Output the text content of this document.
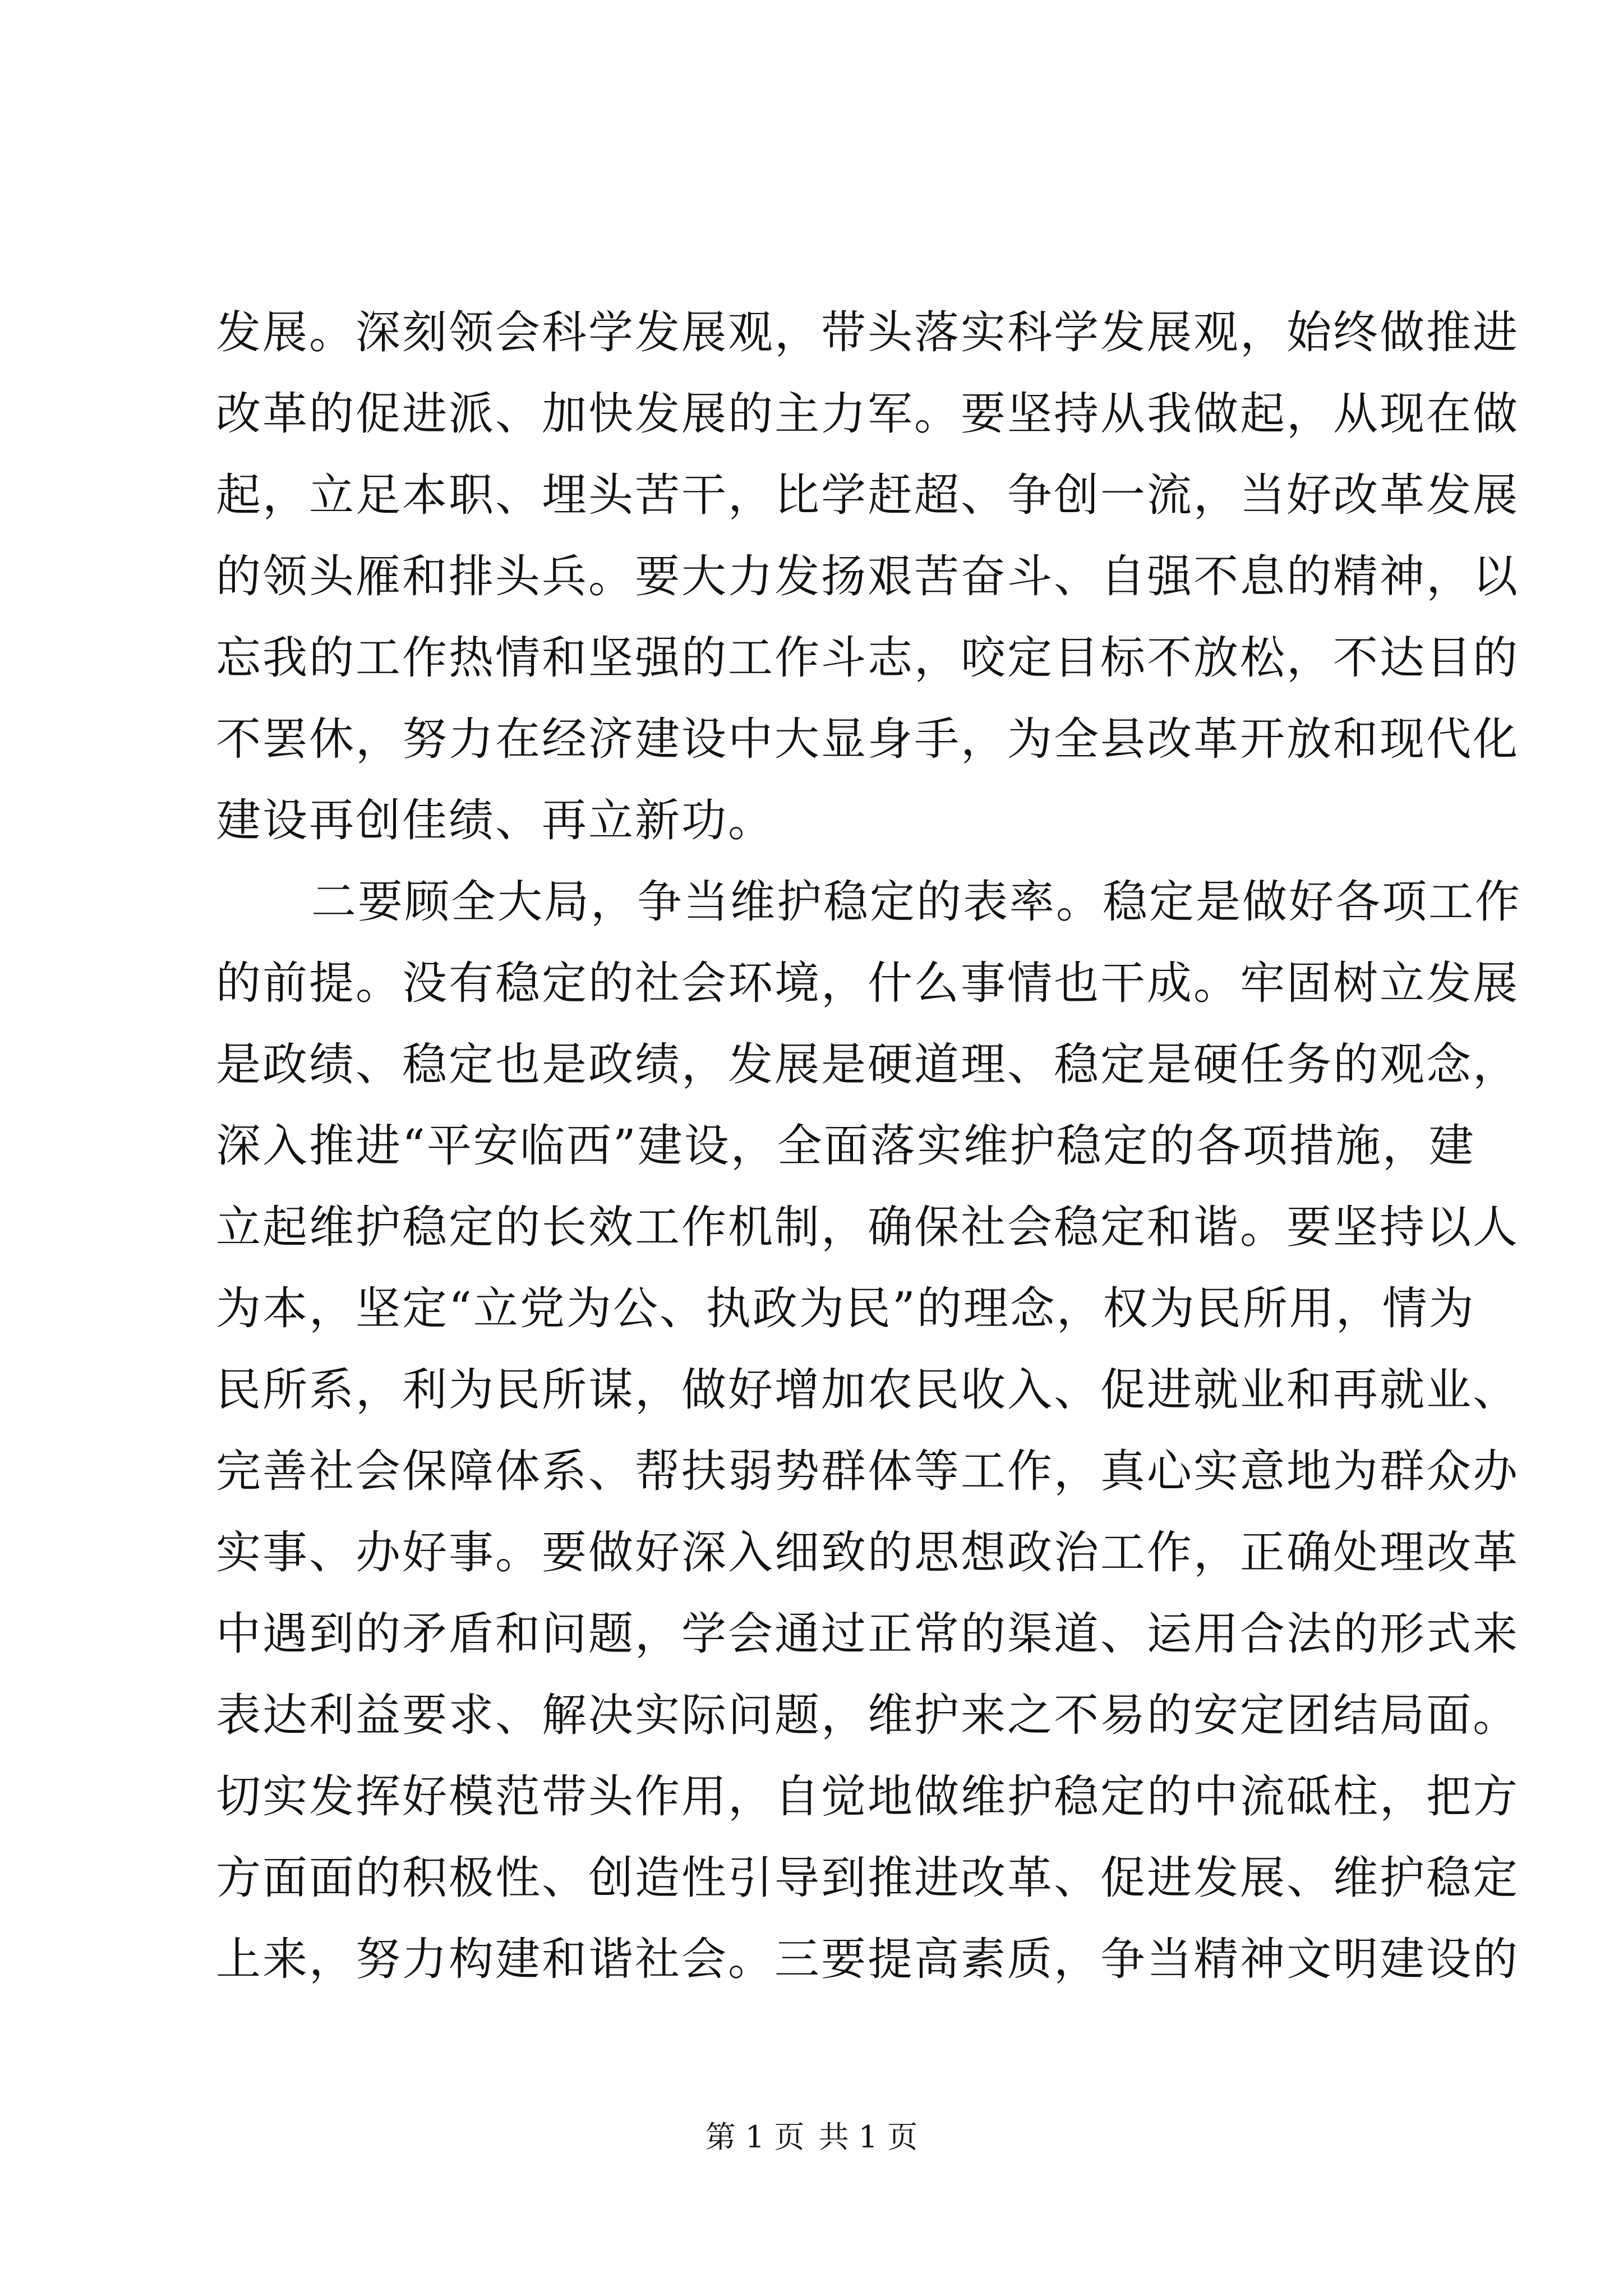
发展。深刻领会科学发展观，带头落实科学发展观，始终做推进
改革的促进派、加快发展的主力军。要坚持从我做起，从现在做
起，立足本职、埋头苦干，比学赶超、争创一流，当好改革发展
的领头雁和排头兵。要大力发扬艰苦奋斗、自强不息的精神，以
忘我的工作热情和坚强的工作斗志，咬定目标不放松，不达目的
不罢休，努力在经济建设中大显身手，为全县改革开放和现代化
建设再创佳绩、再立新功。
二要顾全大局，争当维护稳定的表率。稳定是做好各项工作
的前提。没有稳定的社会环境，什么事情也干成。牢固树立发展
是政绩、稳定也是政绩，发展是硬道理、稳定是硬任务的观念，
深入推进“平安临西”建设，全面落实维护稳定的各项措施，建
立起维护稳定的长效工作机制，确保社会稳定和谐。要坚持以人
为本，坚定“立党为公、执政为民”的理念，权为民所用，情为
民所系，利为民所谋，做好增加农民收入、促进就业和再就业、
完善社会保障体系、帮扶弱势群体等工作，真心实意地为群众办
实事、办好事。要做好深入细致的思想政治工作，正确处理改革
中遇到的矛盾和问题，学会通过正常的渠道、运用合法的形式来
表达利益要求、解决实际问题，维护来之不易的安定团结局面。
切实发挥好模范带头作用，自觉地做维护稳定的中流砥柱，把方
方面面的积极性、创造性引导到推进改革、促进发展、维护稳定
上来，努力构建和谐社会。三要提高素质，争当精神文明建设的
第 1 页 共 1 页
